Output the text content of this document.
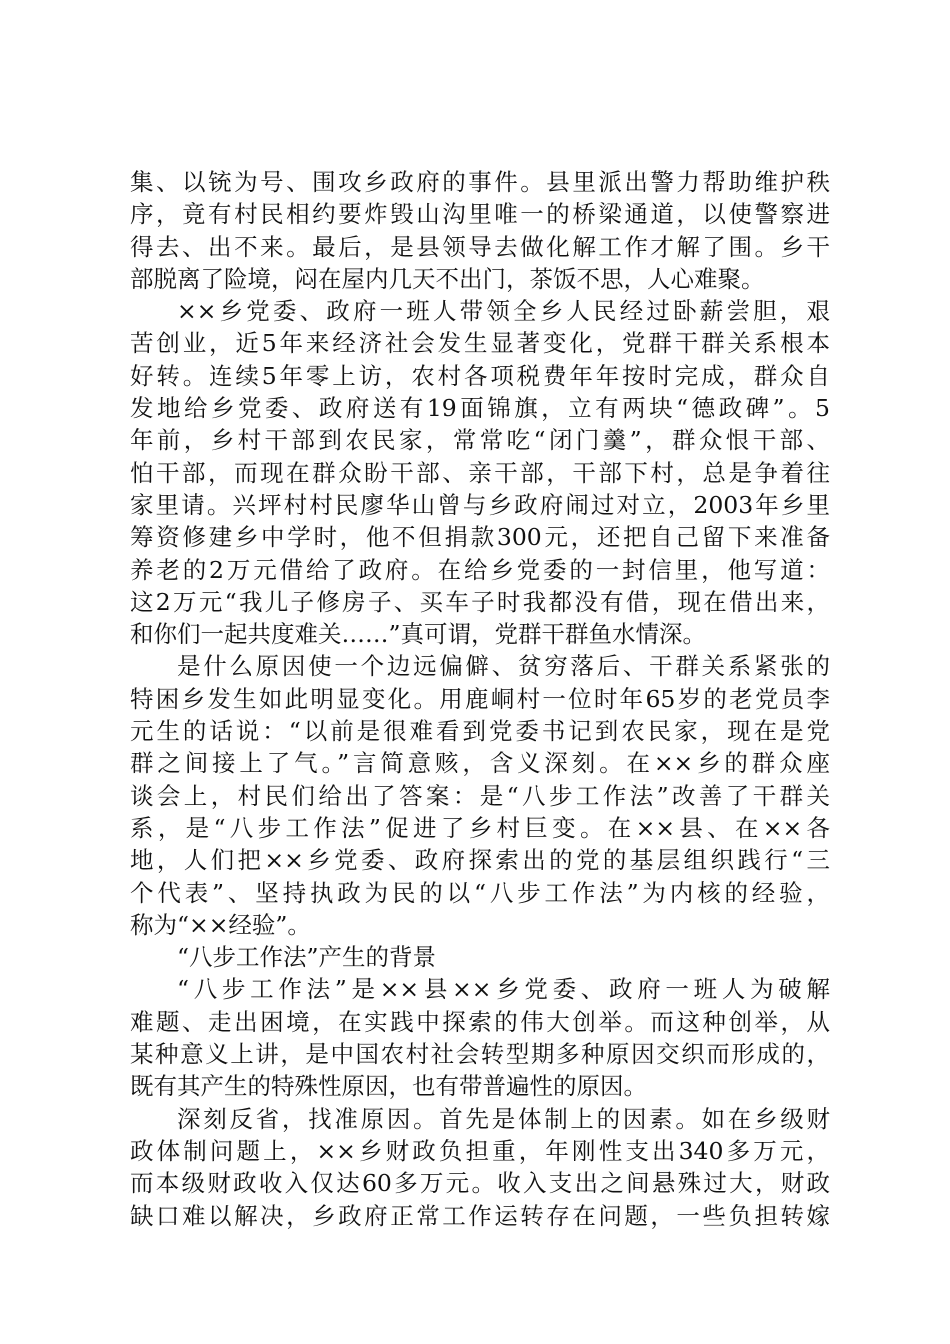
集、以铳为号、围攻乡政府的事件。县里派出警力帮助维护秩
序，竟有村民相约要炸毁山沟里唯一的桥梁通道，以使警察进
得去、出不来。最后，是县领导去做化解工作才解了围。乡干
部脱离了险境，闷在屋内几天不出门，茶饭不思，人心难聚。
××乡党委、政府一班人带领全乡人民经过卧薪尝胆，艰
苦创业，近5年来经济社会发生显著变化，党群干群关系根本
好转。连续5年零上访，农村各项税费年年按时完成，群众自
发地给乡党委、政府送有19面锦旗，立有两块“德政碑”。5
年前，乡村干部到农民家，常常吃“闭门羹”，群众恨干部、
怕干部，而现在群众盼干部、亲干部，干部下村，总是争着往
家里请。兴坪村村民廖华山曾与乡政府闹过对立，2003年乡里
筹资修建乡中学时，他不但捐款300元，还把自己留下来准备
养老的2万元借给了政府。在给乡党委的一封信里，他写道：
这2万元“我儿子修房子、买车子时我都没有借，现在借出来，
和你们一起共度难关……”真可谓，党群干群鱼水情深。
是什么原因使一个边远偏僻、贫穷落后、干群关系紧张的
特困乡发生如此明显变化。用鹿峒村一位时年65岁的老党员李
元生的话说：“以前是很难看到党委书记到农民家，现在是党
群之间接上了气。”言简意赅，含义深刻。在××乡的群众座
谈会上，村民们给出了答案：是“八步工作法”改善了干群关
系，是“八步工作法”促进了乡村巨变。在××县、在××各
地，人们把××乡党委、政府探索出的党的基层组织践行“三
个代表”、坚持执政为民的以“八步工作法”为内核的经验，
称为“××经验”。
“八步工作法”产生的背景
“八步工作法”是××县××乡党委、政府一班人为破解
难题、走出困境，在实践中探索的伟大创举。而这种创举，从
某种意义上讲，是中国农村社会转型期多种原因交织而形成的，
既有其产生的特殊性原因，也有带普遍性的原因。
深刻反省，找准原因。首先是体制上的因素。如在乡级财
政体制问题上，××乡财政负担重，年刚性支出340多万元，
而本级财政收入仅达60多万元。收入支出之间悬殊过大，财政
缺口难以解决，乡政府正常工作运转存在问题，一些负担转嫁
